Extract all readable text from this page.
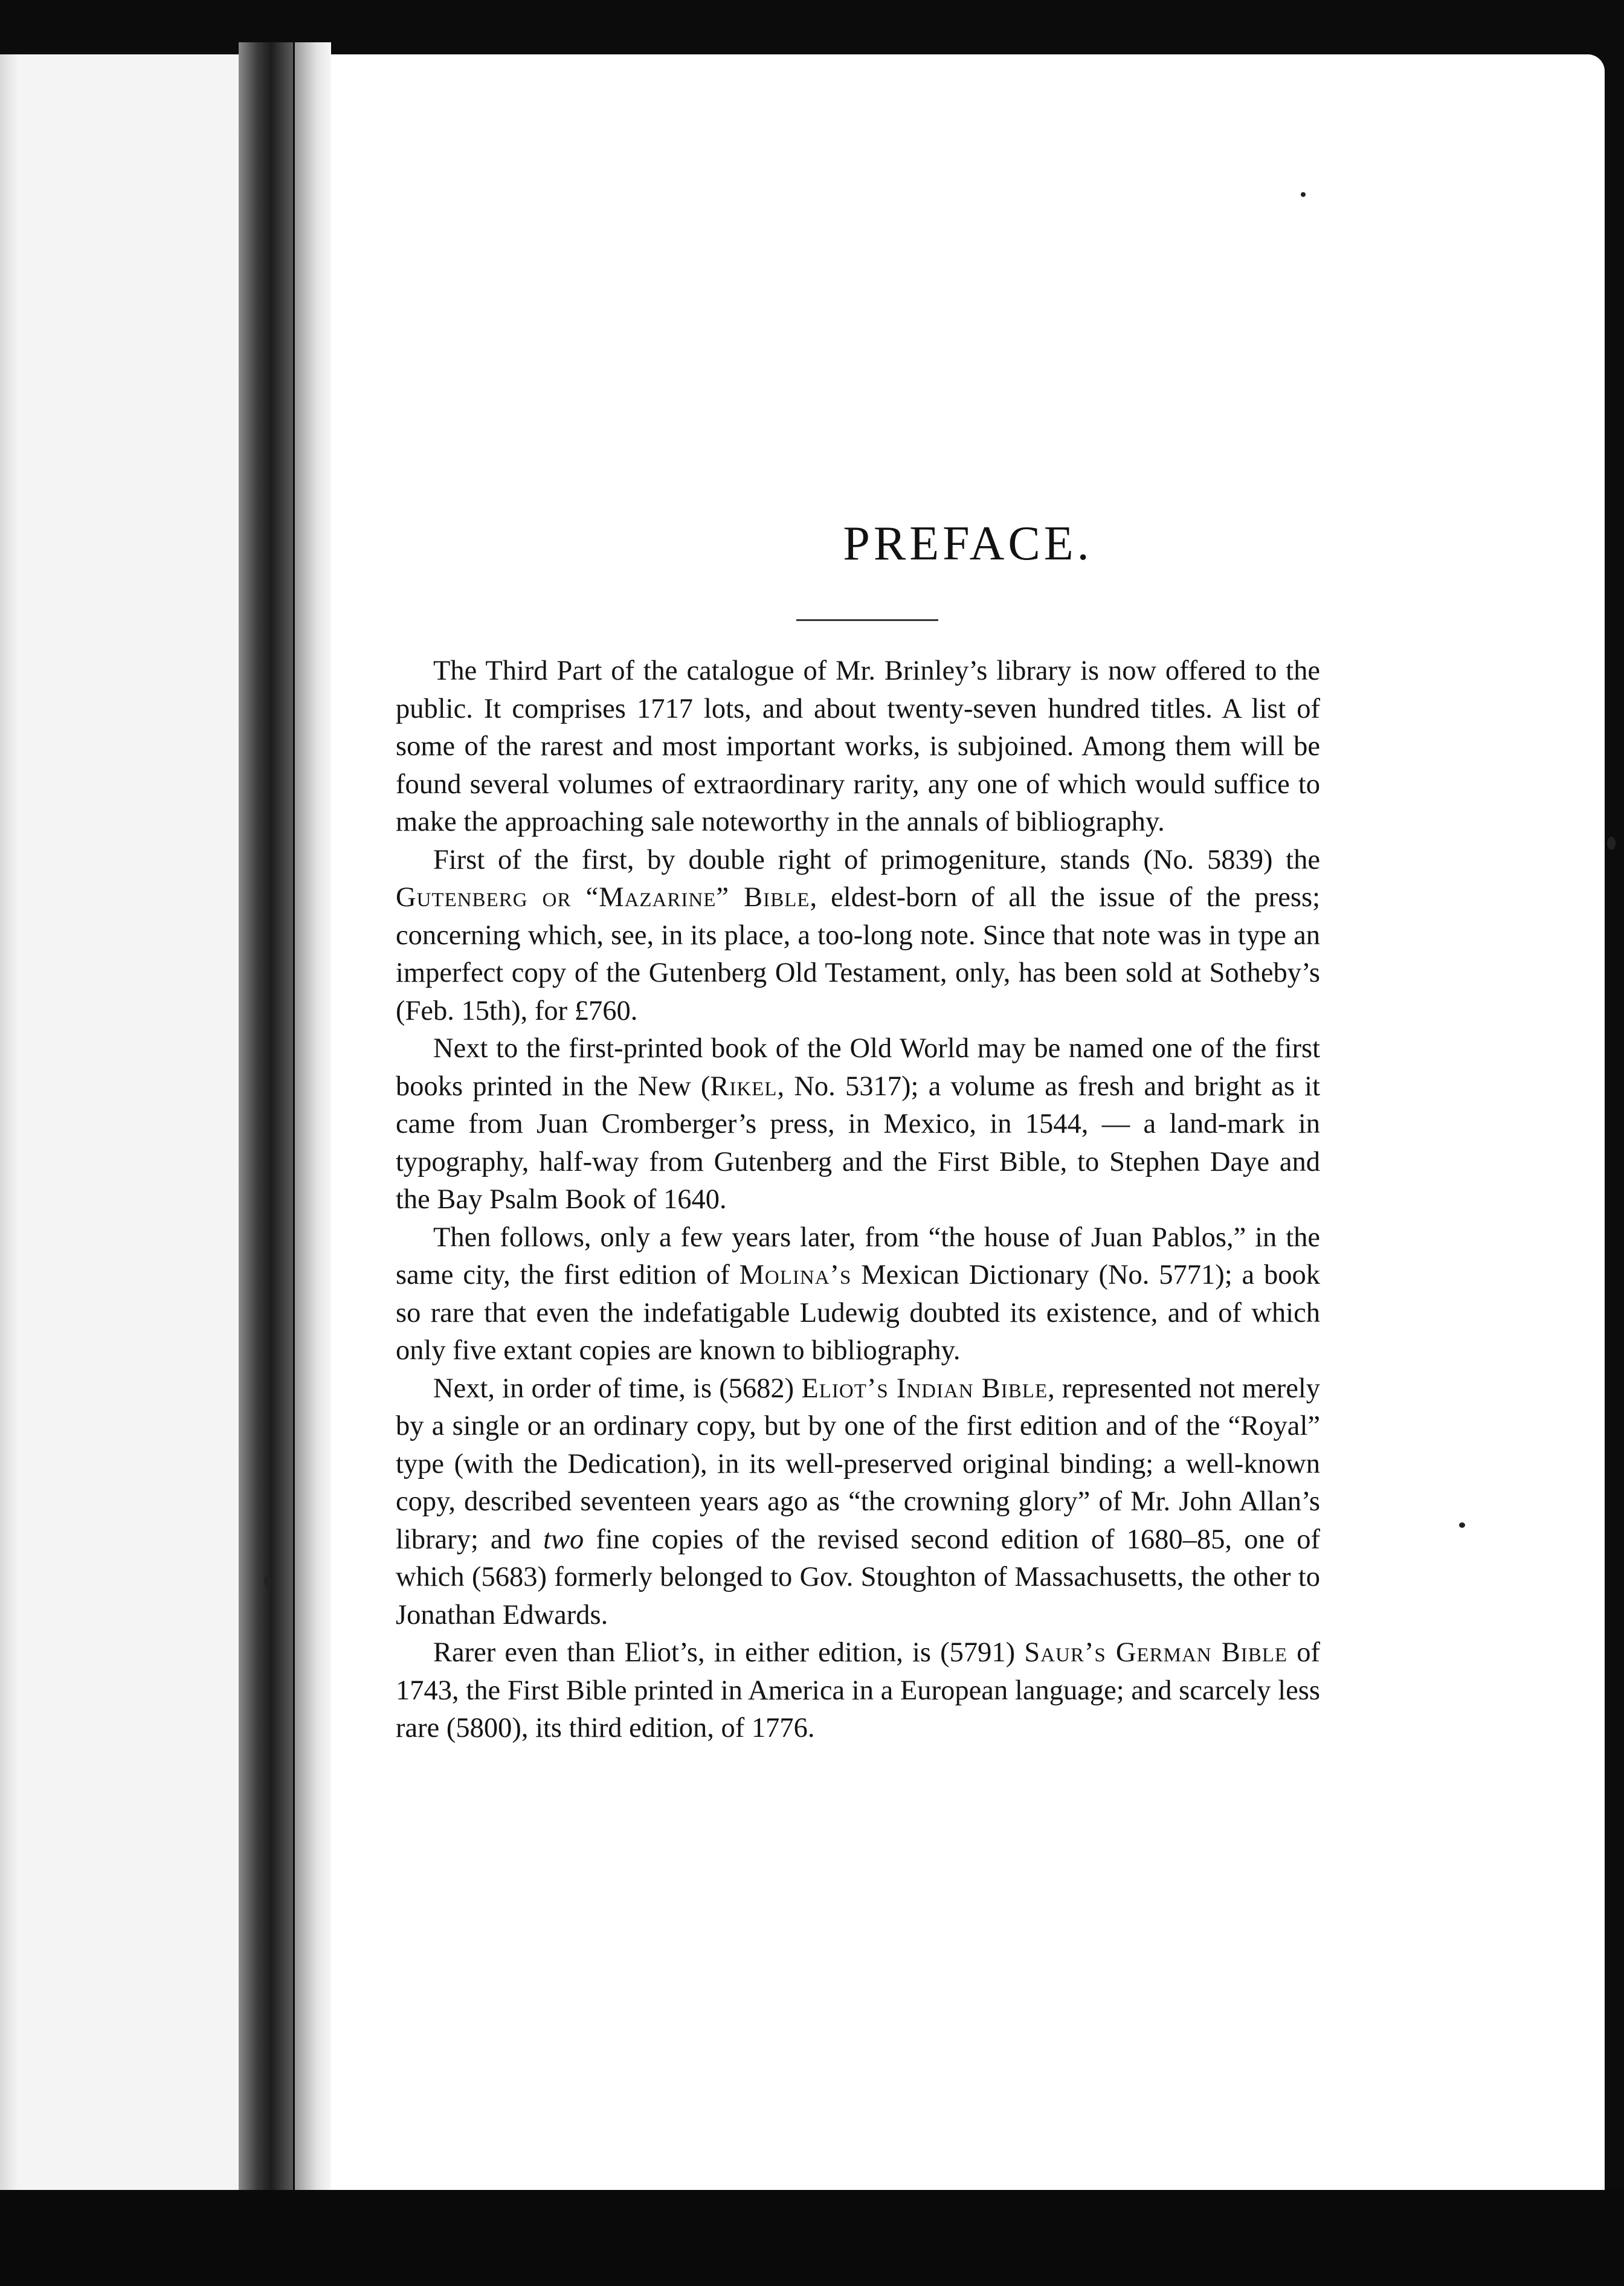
PREFACE.

The Third Part of the catalogue of Mr. Brinley’s library is now offered to the public. It comprises 1717 lots, and about twenty-seven hundred titles. A list of some of the rarest and most important works, is subjoined. Among them will be found several volumes of extraordinary rarity, any one of which would suffice to make the approaching sale noteworthy in the annals of bibliography.

First of the first, by double right of primogeniture, stands (No. 5839) the Gutenberg or “Mazarine” Bible, eldest-born of all the issue of the press; concerning which, see, in its place, a too-long note. Since that note was in type an imperfect copy of the Gutenberg Old Testament, only, has been sold at Sotheby’s (Feb. 15th), for £760.

Next to the first-printed book of the Old World may be named one of the first books printed in the New (Rikel, No. 5317); a volume as fresh and bright as it came from Juan Cromberger’s press, in Mexico, in 1544, — a land-mark in typography, half-way from Gutenberg and the First Bible, to Stephen Daye and the Bay Psalm Book of 1640.

Then follows, only a few years later, from “the house of Juan Pablos,” in the same city, the first edition of Molina’s Mexican Dictionary (No. 5771); a book so rare that even the indefatigable Ludewig doubted its existence, and of which only five extant copies are known to bibliography.

Next, in order of time, is (5682) Eliot’s Indian Bible, represented not merely by a single or an ordinary copy, but by one of the first edition and of the “Royal” type (with the Dedication), in its well-preserved original binding; a well-known copy, described seventeen years ago as “the crowning glory” of Mr. John Allan’s library; and two fine copies of the revised second edition of 1680–85, one of which (5683) formerly belonged to Gov. Stoughton of Massachusetts, the other to Jonathan Edwards.

Rarer even than Eliot’s, in either edition, is (5791) Saur’s German Bible of 1743, the First Bible printed in America in a European language; and scarcely less rare (5800), its third edition, of 1776.
